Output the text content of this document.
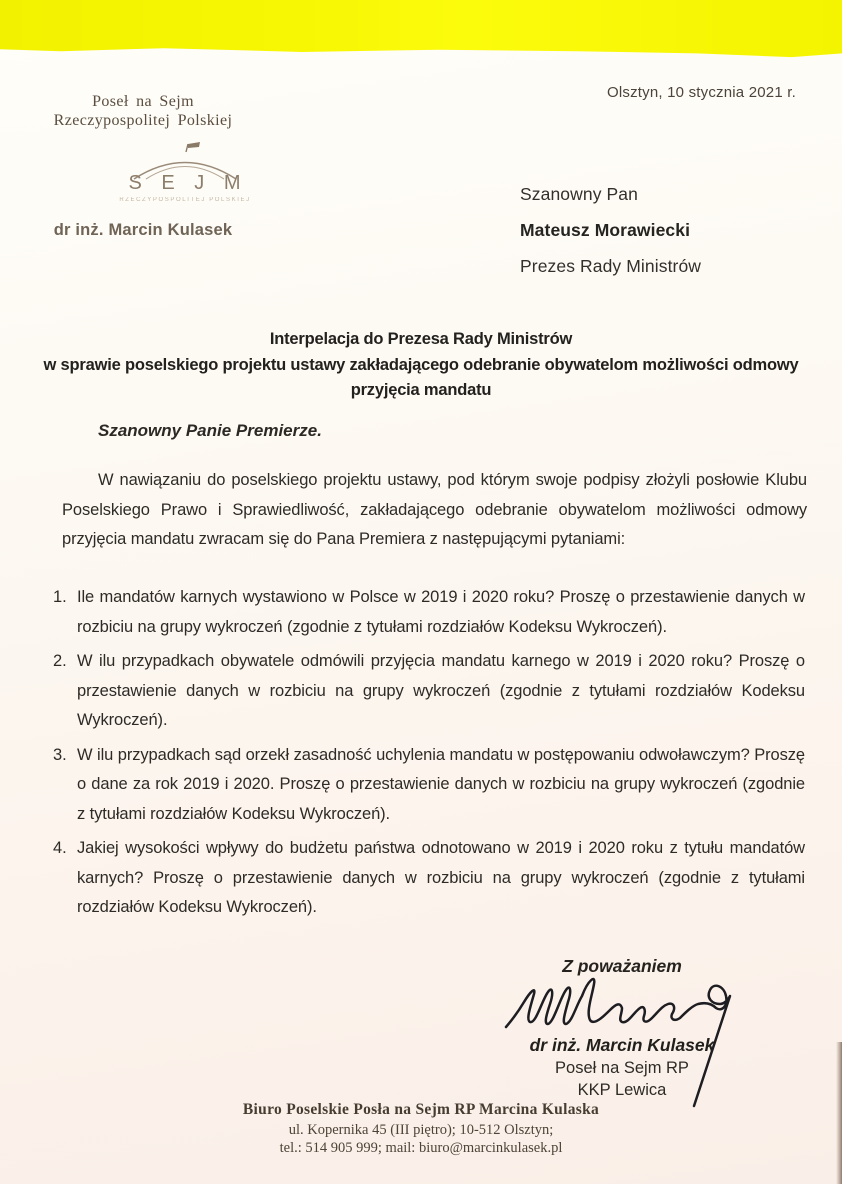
Poseł na Sejm
Rzeczypospolitej Polskiej
S E J M
RZECZYPOSPOLITEJ POLSKIEJ
dr inż. Marcin Kulasek
Olsztyn, 10 stycznia 2021 r.
Szanowny Pan
Mateusz Morawiecki
Prezes Rady Ministrów
Interpelacja do Prezesa Rady Ministrów
w sprawie poselskiego projektu ustawy zakładającego odebranie obywatelom możliwości odmowy
przyjęcia mandatu
Szanowny Panie Premierze.
W nawiązaniu do poselskiego projektu ustawy, pod którym swoje podpisy złożyli posłowie Klubu Poselskiego Prawo i Sprawiedliwość, zakładającego odebranie obywatelom możliwości odmowy przyjęcia mandatu zwracam się do Pana Premiera z następującymi pytaniami:
1. Ile mandatów karnych wystawiono w Polsce w 2019 i 2020 roku? Proszę o przestawienie danych w rozbiciu na grupy wykroczeń (zgodnie z tytułami rozdziałów Kodeksu Wykroczeń).
2. W ilu przypadkach obywatele odmówili przyjęcia mandatu karnego w 2019 i 2020 roku? Proszę o przestawienie danych w rozbiciu na grupy wykroczeń (zgodnie z tytułami rozdziałów Kodeksu Wykroczeń).
3. W ilu przypadkach sąd orzekł zasadność uchylenia mandatu w postępowaniu odwoławczym? Proszę o dane za rok 2019 i 2020. Proszę o przestawienie danych w rozbiciu na grupy wykroczeń (zgodnie z tytułami rozdziałów Kodeksu Wykroczeń).
4. Jakiej wysokości wpływy do budżetu państwa odnotowano w 2019 i 2020 roku z tytułu mandatów karnych? Proszę o przestawienie danych w rozbiciu na grupy wykroczeń (zgodnie z tytułami rozdziałów Kodeksu Wykroczeń).
Z poważaniem
dr inż. Marcin Kulasek
Poseł na Sejm RP
KKP Lewica
Biuro Poselskie Posła na Sejm RP Marcina Kulaska
ul. Kopernika 45 (III piętro); 10-512 Olsztyn;
tel.: 514 905 999; mail: biuro@marcinkulasek.pl
